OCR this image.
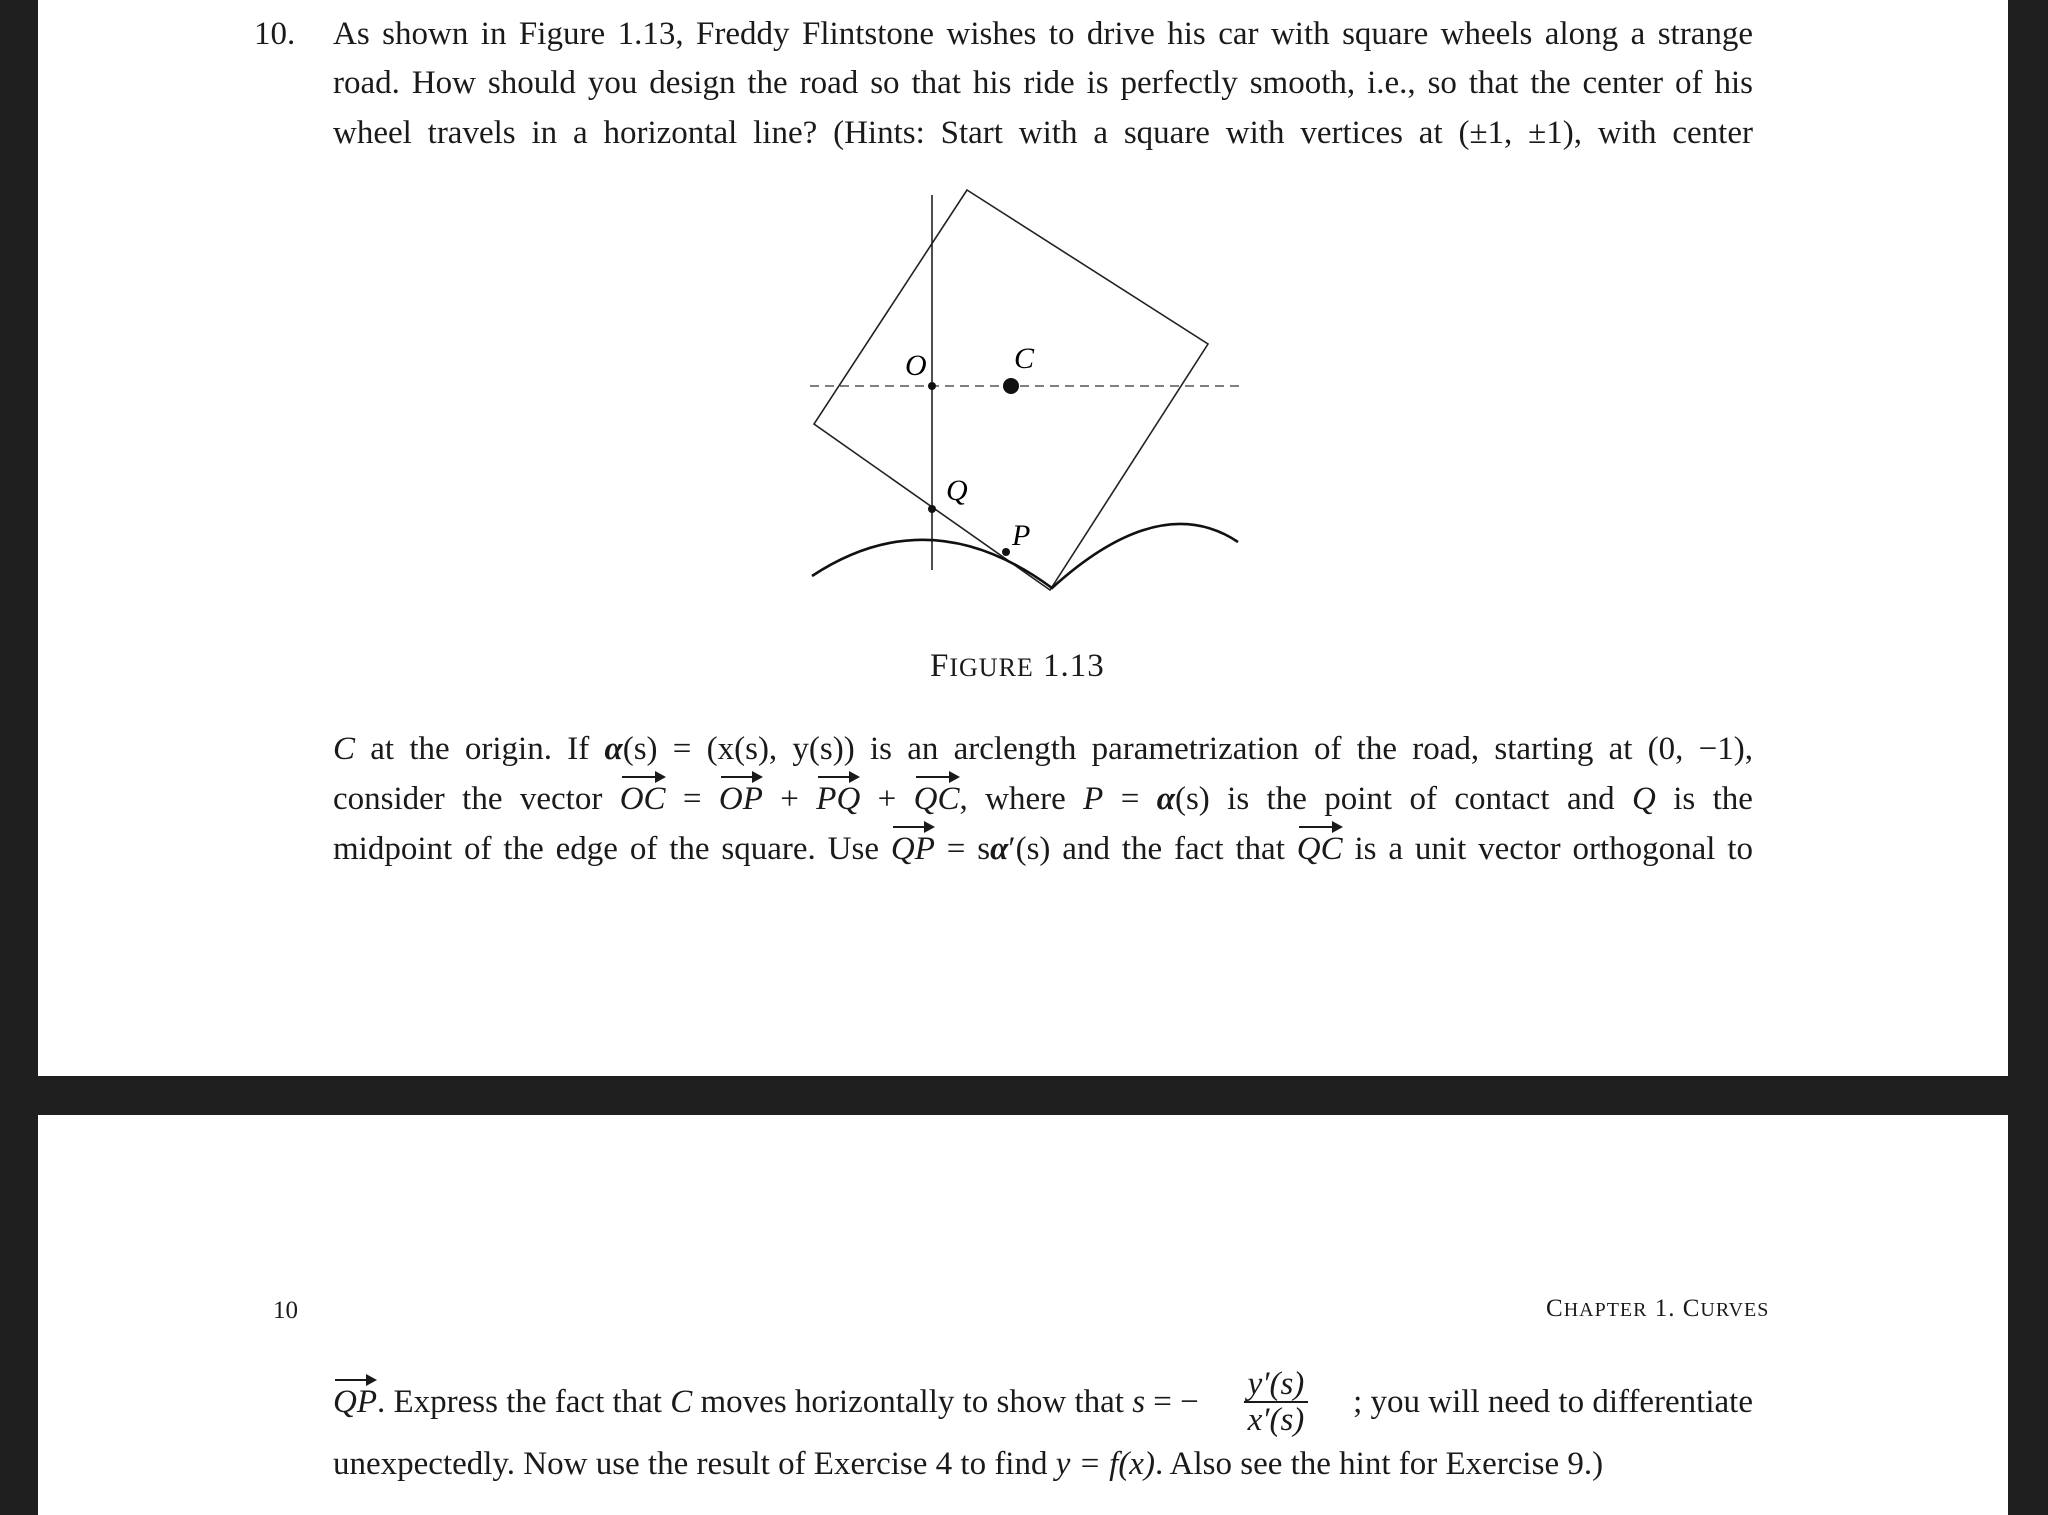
10. As shown in Figure 1.13, Freddy Flintstone wishes to drive his car with square wheels along a strange
road. How should you design the road so that his ride is perfectly smooth, i.e., so that the center of his
wheel travels in a horizontal line? (Hints: Start with a square with vertices at (±1, ±1), with center
O	C
Q
P
FIGURE 1.13
C at the origin. If α(s) = (x(s), y(s)) is an arclength parametrization of the road, starting at (0, −1),
consider the vector OC = OP + PQ + QC, where P = α(s) is the point of contact and Q is the
midpoint of the edge of the square. Use QP = sα′(s) and the fact that QC is a unit vector orthogonal to
10	CHAPTER 1. CURVES
QP. Express the fact that C moves horizontally to show that s = − $\frac{y'(s)}{x'(s)}$ ; you will need to differentiate
unexpectedly. Now use the result of Exercise 4 to find y = f(x). Also see the hint for Exercise 9.)
